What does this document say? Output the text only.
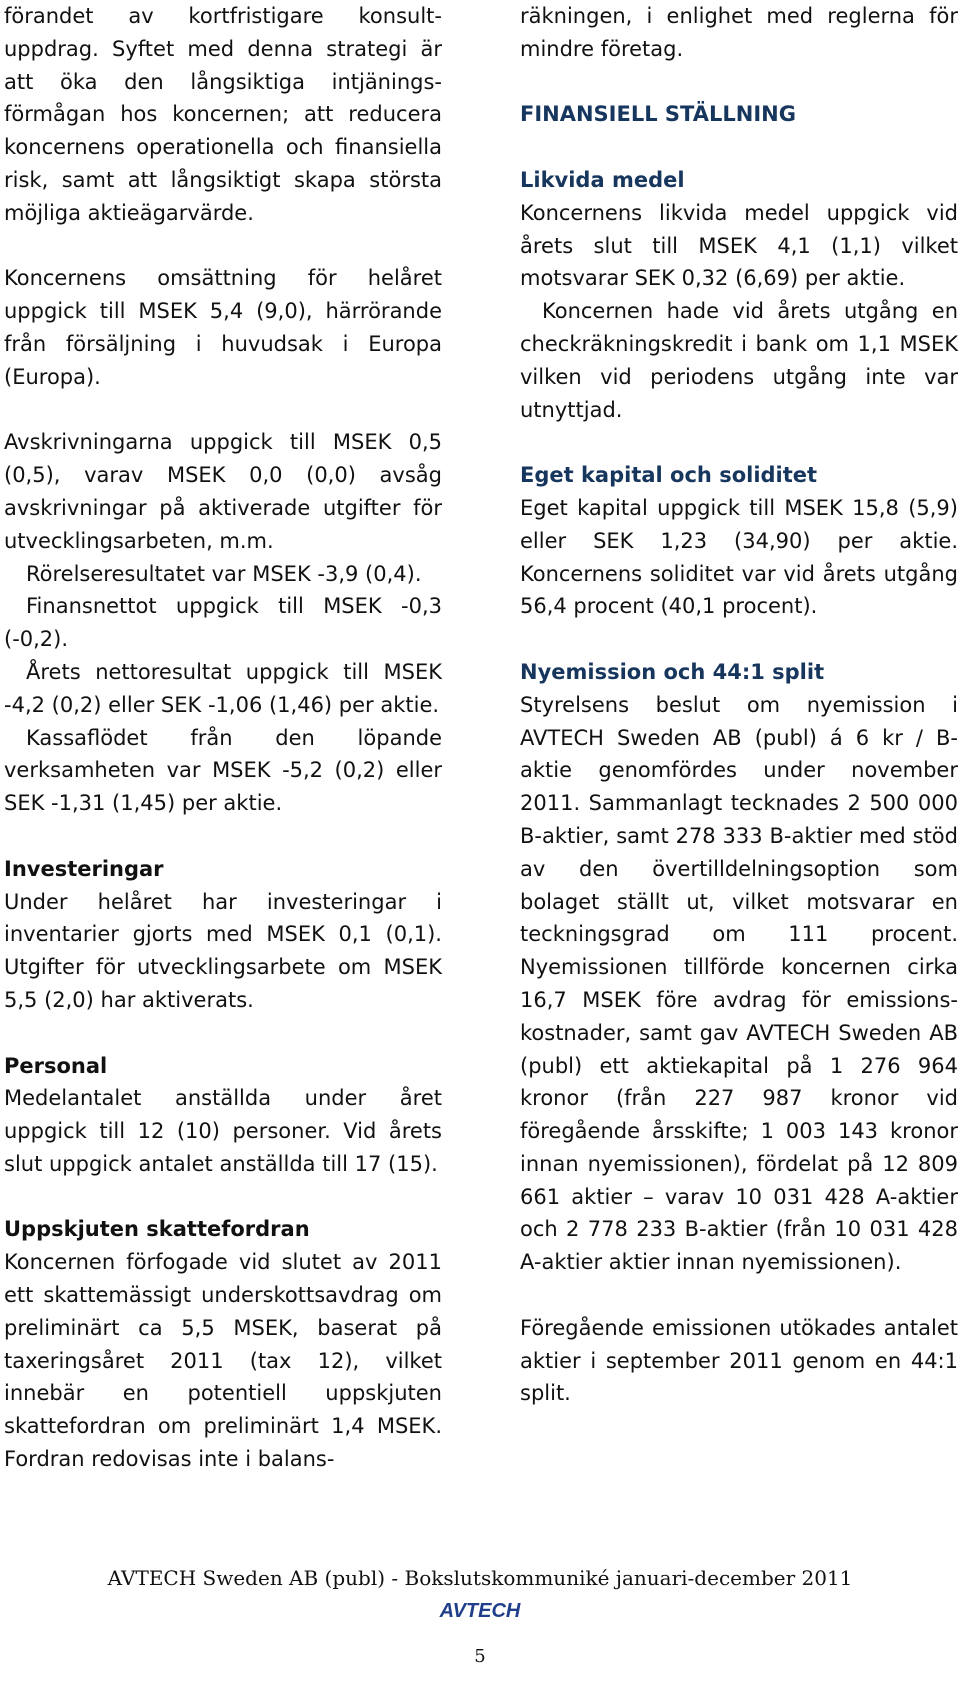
förandet av kortfristigare konsult-uppdrag. Syftet med denna strategi är att öka den långsiktiga intjänings-förmågan hos koncernen; att reducera koncernens operationella och finansiella risk, samt att långsiktigt skapa största möjliga aktieägarvärde.

Koncernens omsättning för helåret uppgick till MSEK 5,4 (9,0), härrörande från försäljning i huvudsak i Europa (Europa).

Avskrivningarna uppgick till MSEK 0,5 (0,5), varav MSEK 0,0 (0,0) avsåg avskrivningar på aktiverade utgifter för utvecklingsarbeten, m.m.

Rörelseresultatet var MSEK -3,9 (0,4).

Finansnettot uppgick till MSEK -0,3 (-0,2).

Årets nettoresultat uppgick till MSEK -4,2 (0,2) eller SEK -1,06 (1,46) per aktie.

Kassaflödet från den löpande verksamheten var MSEK -5,2 (0,2) eller SEK -1,31 (1,45) per aktie.

Investeringar

Under helåret har investeringar i inventarier gjorts med MSEK 0,1 (0,1). Utgifter för utvecklingsarbete om MSEK 5,5 (2,0) har aktiverats.

Personal

Medelantalet anställda under året uppgick till 12 (10) personer. Vid årets slut uppgick antalet anställda till 17 (15).

Uppskjuten skattefordran

Koncernen förfogade vid slutet av 2011 ett skattemässigt underskottsavdrag om preliminärt ca 5,5 MSEK, baserat på taxeringsåret 2011 (tax 12), vilket innebär en potentiell uppskjuten skattefordran om preliminärt 1,4 MSEK. Fordran redovisas inte i balans-

räkningen, i enlighet med reglerna för mindre företag.

FINANSIELL STÄLLNING

Likvida medel

Koncernens likvida medel uppgick vid årets slut till MSEK 4,1 (1,1) vilket motsvarar SEK 0,32 (6,69) per aktie.

Koncernen hade vid årets utgång en checkräkningskredit i bank om 1,1 MSEK vilken vid periodens utgång inte var utnyttjad.

Eget kapital och soliditet

Eget kapital uppgick till MSEK 15,8 (5,9) eller SEK 1,23 (34,90) per aktie. Koncernens soliditet var vid årets utgång 56,4 procent (40,1 procent).

Nyemission och 44:1 split

Styrelsens beslut om nyemission i AVTECH Sweden AB (publ) á 6 kr / B-aktie genomfördes under november 2011. Sammanlagt tecknades 2 500 000 B-aktier, samt 278 333 B-aktier med stöd av den övertilldelningsoption som bolaget ställt ut, vilket motsvarar en teckningsgrad om 111 procent. Nyemissionen tillförde koncernen cirka 16,7 MSEK före avdrag för emissions-kostnader, samt gav AVTECH Sweden AB (publ) ett aktiekapital på 1 276 964 kronor (från 227 987 kronor vid föregående årsskifte; 1 003 143 kronor innan nyemissionen), fördelat på 12 809 661 aktier – varav 10 031 428 A-aktier och 2 778 233 B-aktier (från 10 031 428 A-aktier aktier innan nyemissionen).

Föregående emissionen utökades antalet aktier i september 2011 genom en 44:1 split.

AVTECH Sweden AB (publ) - Bokslutskommuniké januari-december 2011
AVTECH
5
